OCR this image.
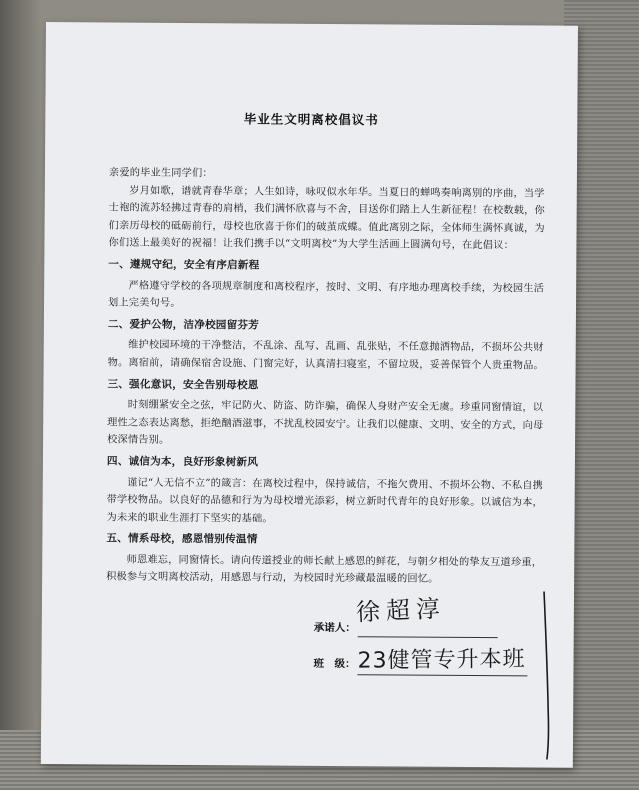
毕业生文明离校倡议书

亲爱的毕业生同学们：

岁月如歌，谱就青春华章；人生如诗，咏叹似水年华。当夏日的蝉鸣奏响离别的序曲，当学士袍的流苏轻拂过青春的肩梢，我们满怀欣喜与不舍，目送你们踏上人生新征程！在校数载，你们亲历母校的砥砺前行，母校也欣喜于你们的破茧成蝶。值此离别之际，全体师生满怀真诚，为你们送上最美好的祝福！让我们携手以“文明离校”为大学生活画上圆满句号，在此倡议：

一、遵规守纪，安全有序启新程

严格遵守学校的各项规章制度和离校程序，按时、文明、有序地办理离校手续，为校园生活划上完美句号。

二、爱护公物，洁净校园留芬芳

维护校园环境的干净整洁，不乱涂、乱写、乱画、乱张贴，不任意抛洒物品，不损坏公共财物。离宿前，请确保宿舍设施、门窗完好，认真清扫寝室，不留垃圾，妥善保管个人贵重物品。

三、强化意识，安全告别母校恩

时刻绷紧安全之弦，牢记防火、防盗、防诈骗，确保人身财产安全无虞。珍重同窗情谊，以理性之态表达离愁，拒绝酗酒滋事，不扰乱校园安宁。让我们以健康、文明、安全的方式，向母校深情告别。

四、诚信为本，良好形象树新风

谨记“人无信不立”的箴言：在离校过程中，保持诚信，不拖欠费用、不损坏公物、不私自携带学校物品。以良好的品德和行为为母校增光添彩，树立新时代青年的良好形象。以诚信为本，为未来的职业生涯打下坚实的基础。

五、情系母校，感恩惜别传温情

师恩难忘，同窗情长。请向传道授业的师长献上感恩的鲜花，与朝夕相处的挚友互道珍重，积极参与文明离校活动，用感恩与行动，为校园时光珍藏最温暖的回忆。

承诺人：
徐超淳
班　级： 23健管专升本班
